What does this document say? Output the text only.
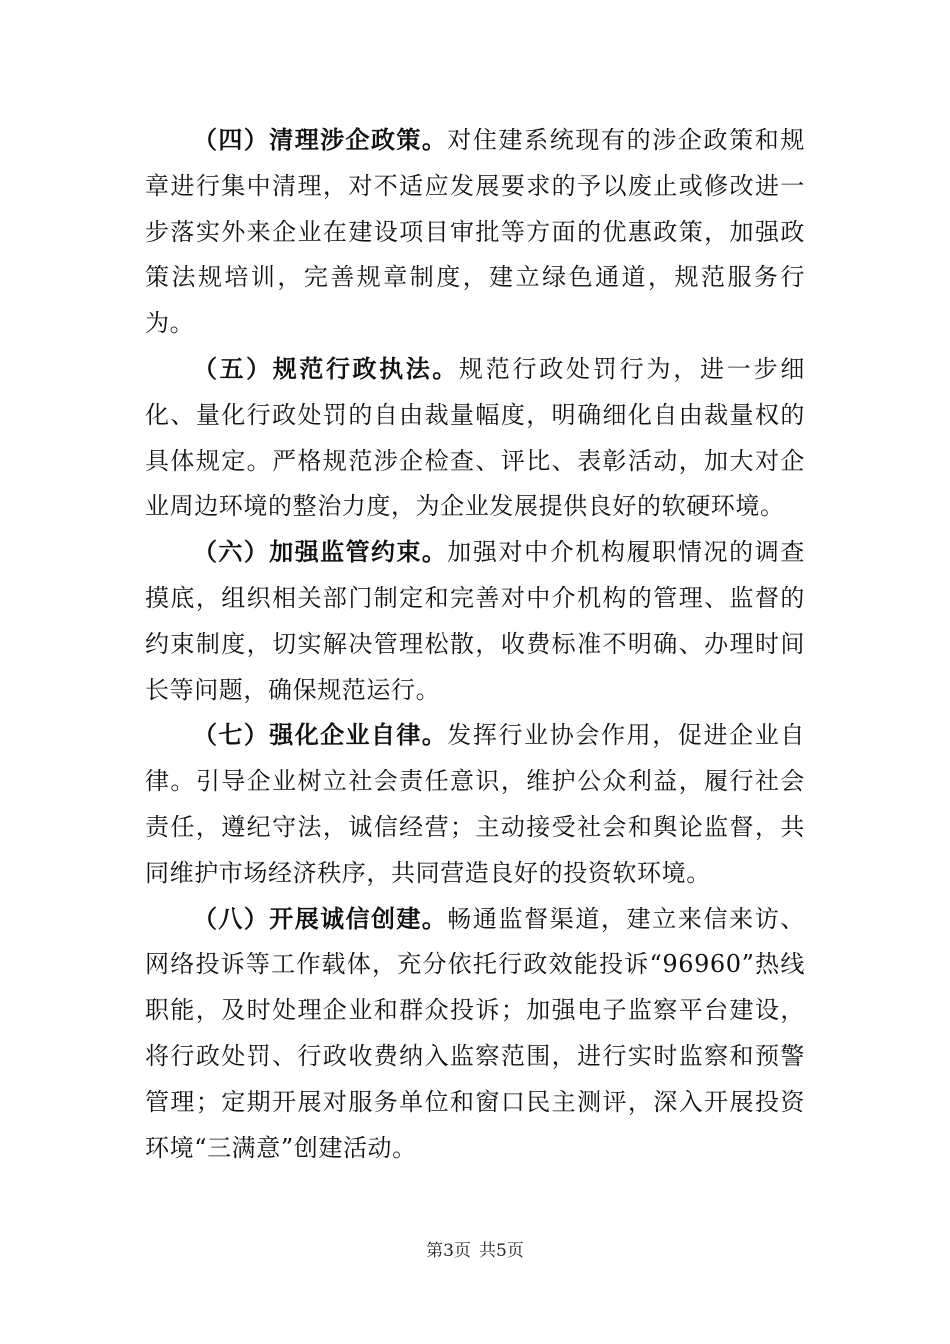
（四）清理涉企政策。对住建系统现有的涉企政策和规章进行集中清理，对不适应发展要求的予以废止或修改进一步落实外来企业在建设项目审批等方面的优惠政策，加强政策法规培训，完善规章制度，建立绿色通道，规范服务行为。

（五）规范行政执法。规范行政处罚行为，进一步细化、量化行政处罚的自由裁量幅度，明确细化自由裁量权的具体规定。严格规范涉企检查、评比、表彰活动，加大对企业周边环境的整治力度，为企业发展提供良好的软硬环境。

（六）加强监管约束。加强对中介机构履职情况的调查摸底，组织相关部门制定和完善对中介机构的管理、监督的约束制度，切实解决管理松散，收费标准不明确、办理时间长等问题，确保规范运行。

（七）强化企业自律。发挥行业协会作用，促进企业自律。引导企业树立社会责任意识，维护公众利益，履行社会责任，遵纪守法，诚信经营；主动接受社会和舆论监督，共同维护市场经济秩序，共同营造良好的投资软环境。

（八）开展诚信创建。畅通监督渠道，建立来信来访、网络投诉等工作载体，充分依托行政效能投诉“96960”热线职能，及时处理企业和群众投诉；加强电子监察平台建设，将行政处罚、行政收费纳入监察范围，进行实时监察和预警管理；定期开展对服务单位和窗口民主测评，深入开展投资环境“三满意”创建活动。

第3页 共5页
